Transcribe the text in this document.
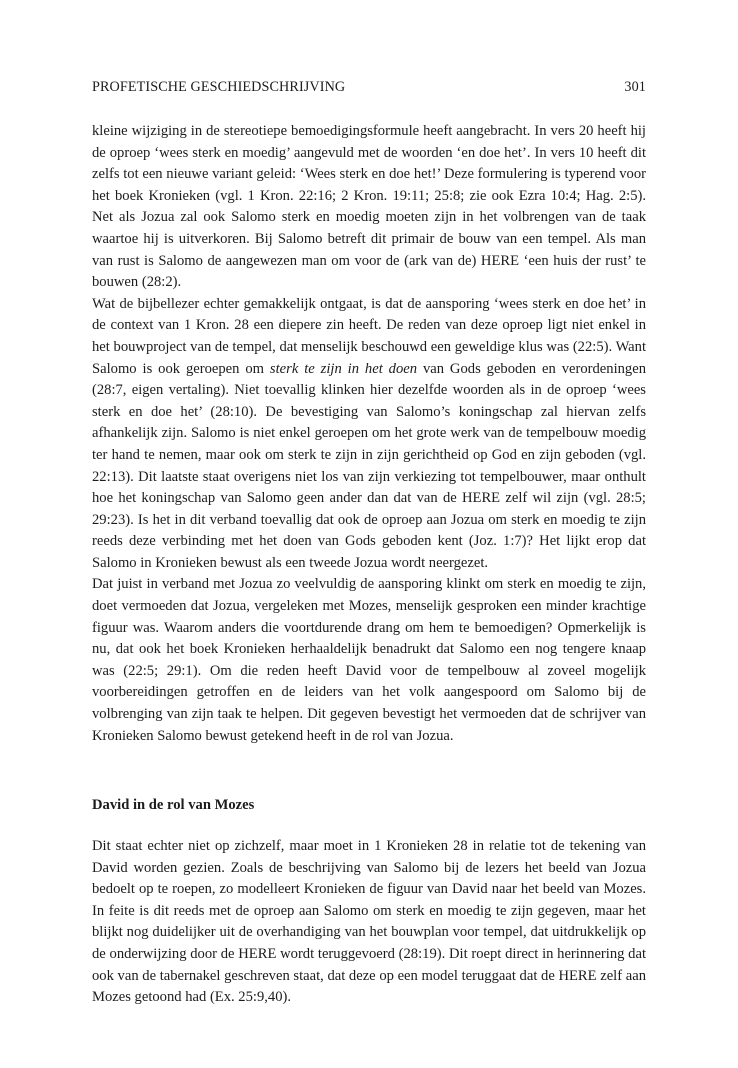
PROFETISCHE GESCHIEDSCHRIJVING	301

kleine wijziging in de stereotiepe bemoedigingsformule heeft aangebracht. In vers 20 heeft hij de oproep ‘wees sterk en moedig’ aangevuld met de woorden ‘en doe het’. In vers 10 heeft dit zelfs tot een nieuwe variant geleid: ‘Wees sterk en doe het!’ Deze formulering is typerend voor het boek Kronieken (vgl. 1 Kron. 22:16; 2 Kron. 19:11; 25:8; zie ook Ezra 10:4; Hag. 2:5). Net als Jozua zal ook Salomo sterk en moedig moeten zijn in het volbrengen van de taak waartoe hij is uitverkoren. Bij Salomo betreft dit primair de bouw van een tempel. Als man van rust is Salomo de aangewezen man om voor de (ark van de) HERE ‘een huis der rust’ te bouwen (28:2).

Wat de bijbellezer echter gemakkelijk ontgaat, is dat de aansporing ‘wees sterk en doe het’ in de context van 1 Kron. 28 een diepere zin heeft. De reden van deze oproep ligt niet enkel in het bouwproject van de tempel, dat menselijk beschouwd een geweldige klus was (22:5). Want Salomo is ook geroepen om sterk te zijn in het doen van Gods geboden en verordeningen (28:7, eigen vertaling). Niet toevallig klinken hier dezelfde woorden als in de oproep ‘wees sterk en doe het’ (28:10). De bevestiging van Salomo’s koningschap zal hiervan zelfs afhankelijk zijn. Salomo is niet enkel geroepen om het grote werk van de tempelbouw moedig ter hand te nemen, maar ook om sterk te zijn in zijn gerichtheid op God en zijn geboden (vgl. 22:13). Dit laatste staat overigens niet los van zijn verkiezing tot tempelbouwer, maar onthult hoe het koningschap van Salomo geen ander dan dat van de HERE zelf wil zijn (vgl. 28:5; 29:23). Is het in dit verband toevallig dat ook de oproep aan Jozua om sterk en moedig te zijn reeds deze verbinding met het doen van Gods geboden kent (Joz. 1:7)? Het lijkt erop dat Salomo in Kronieken bewust als een tweede Jozua wordt neergezet.

Dat juist in verband met Jozua zo veelvuldig de aansporing klinkt om sterk en moedig te zijn, doet vermoeden dat Jozua, vergeleken met Mozes, menselijk gesproken een minder krachtige figuur was. Waarom anders die voortdurende drang om hem te bemoedigen? Opmerkelijk is nu, dat ook het boek Kronieken herhaaldelijk benadrukt dat Salomo een nog tengere knaap was (22:5; 29:1). Om die reden heeft David voor de tempelbouw al zoveel mogelijk voorbereidingen getroffen en de leiders van het volk aangespoord om Salomo bij de volbrenging van zijn taak te helpen. Dit gegeven bevestigt het vermoeden dat de schrijver van Kronieken Salomo bewust getekend heeft in de rol van Jozua.

David in de rol van Mozes

Dit staat echter niet op zichzelf, maar moet in 1 Kronieken 28 in relatie tot de tekening van David worden gezien. Zoals de beschrijving van Salomo bij de lezers het beeld van Jozua bedoelt op te roepen, zo modelleert Kronieken de figuur van David naar het beeld van Mozes. In feite is dit reeds met de oproep aan Salomo om sterk en moedig te zijn gegeven, maar het blijkt nog duidelijker uit de overhandiging van het bouwplan voor tempel, dat uitdrukkelijk op de onderwijzing door de HERE wordt teruggevoerd (28:19). Dit roept direct in herinnering dat ook van de tabernakel geschreven staat, dat deze op een model teruggaat dat de HERE zelf aan Mozes getoond had (Ex. 25:9,40).
